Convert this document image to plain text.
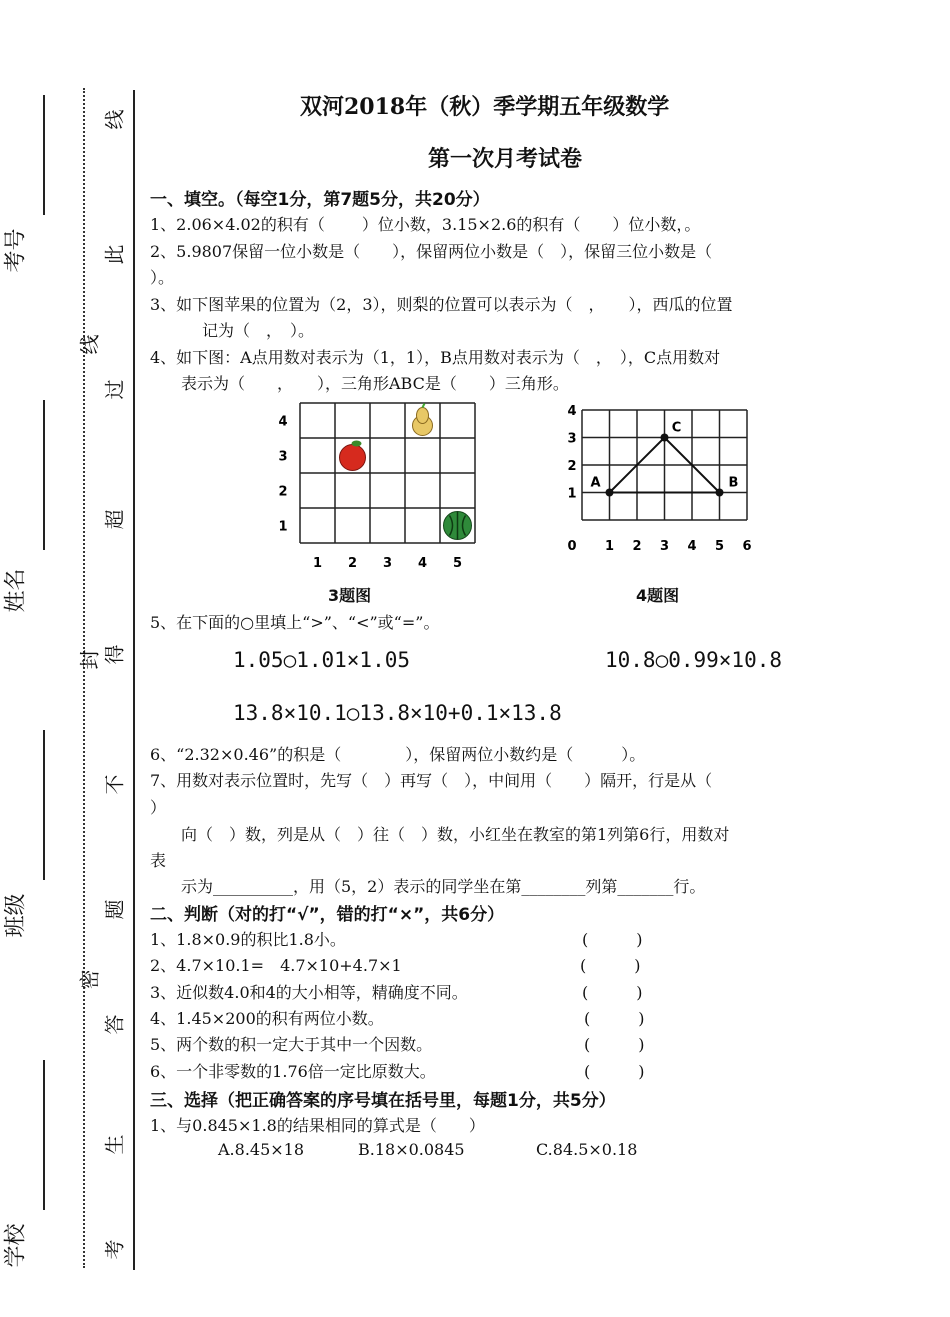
考号
姓名
班级
学校
线
此
线
过
超
得
封
不
题
密
答
生
考
双河2018年（秋）季学期五年级数学
第一次月考试卷
一、填空。（每空1分，第7题5分，共20分）
1、2.06×4.02的积有（　　 ）位小数，3.15×2.6的积有（　　）位小数，。
2、5.9807保留一位小数是（　　），保留两位小数是（　），保留三位小数是（
）。
3、如下图苹果的位置为（2，3），则梨的位置可以表示为（　，　　），西瓜的位置
记为（　，　）。
4、如下图：A点用数对表示为（1，1），B点用数对表示为（　，　），C点用数对
表示为（　　，　　），三角形ABC是（　　）三角形。
1 2 3 4 5
4
3
2
1
3题图
0 1 2 3 4 5 6
1
2
3
4
A	B
C
4题图
5、在下面的○里填上“>”、“<”或“=”。
1.05○1.01×1.05	10.8○0.99×10.8
13.8×10.1○13.8×10+0.1×13.8
6、“2.32×0.46”的积是（　　　　），保留两位小数约是（　　　）。
7、用数对表示位置时，先写（　）再写（　），中间用（　　）隔开，行是从（
）
向（　）数，列是从（　）往（　）数，小红坐在教室的第1列第6行，用数对
表
示为__________，用（5，2）表示的同学坐在第________列第_______行。
二、判断（对的打“√”，错的打“×”，共6分）
1、1.8×0.9的积比1.8小。	(　　　)
2、4.7×10.1=　4.7×10+4.7×1	(　　　)
3、近似数4.0和4的大小相等，精确度不同。	(　　　)
4、1.45×200的积有两位小数。	(　　　)
5、两个数的积一定大于其中一个因数。	(　　　)
6、一个非零数的1.76倍一定比原数大。	(　　　)
三、选择（把正确答案的序号填在括号里，每题1分，共5分）
1、与0.845×1.8的结果相同的算式是（　　）
A.8.45×18	B.18×0.0845	C.84.5×0.18
